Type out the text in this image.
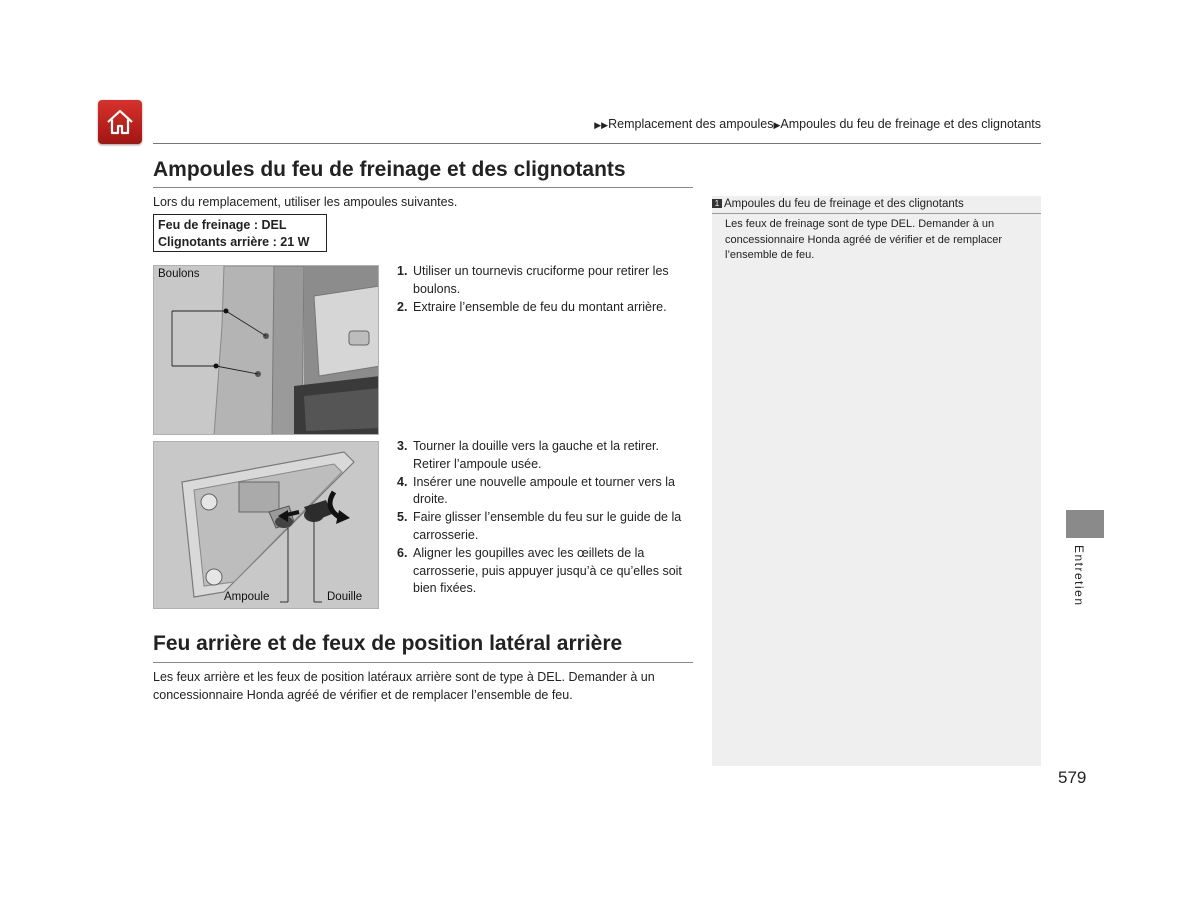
▶▶Remplacement des ampoules▶Ampoules du feu de freinage et des clignotants
Ampoules du feu de freinage et des clignotants
Lors du remplacement, utiliser les ampoules suivantes.
Feu de freinage : DEL
Clignotants arrière : 21 W
Boulons	1. Utiliser un tournevis cruciforme pour retirer les boulons.
2. Extraire l’ensemble de feu du montant arrière.
Ampoule	Douille
3. Tourner la douille vers la gauche et la retirer. Retirer l’ampoule usée.
4. Insérer une nouvelle ampoule et tourner vers la droite.
5. Faire glisser l’ensemble du feu sur le guide de la carrosserie.
6. Aligner les goupilles avec les œillets de la carrosserie, puis appuyer jusqu’à ce qu’elles soit bien fixées.
Feu arrière et de feux de position latéral arrière
Les feux arrière et les feux de position latéraux arrière sont de type à DEL. Demander à un concessionnaire Honda agréé de vérifier et de remplacer l’ensemble de feu.
1 Ampoules du feu de freinage et des clignotants
Les feux de freinage sont de type DEL. Demander à un concessionnaire Honda agréé de vérifier et de remplacer l’ensemble de feu.
Entretien
579
